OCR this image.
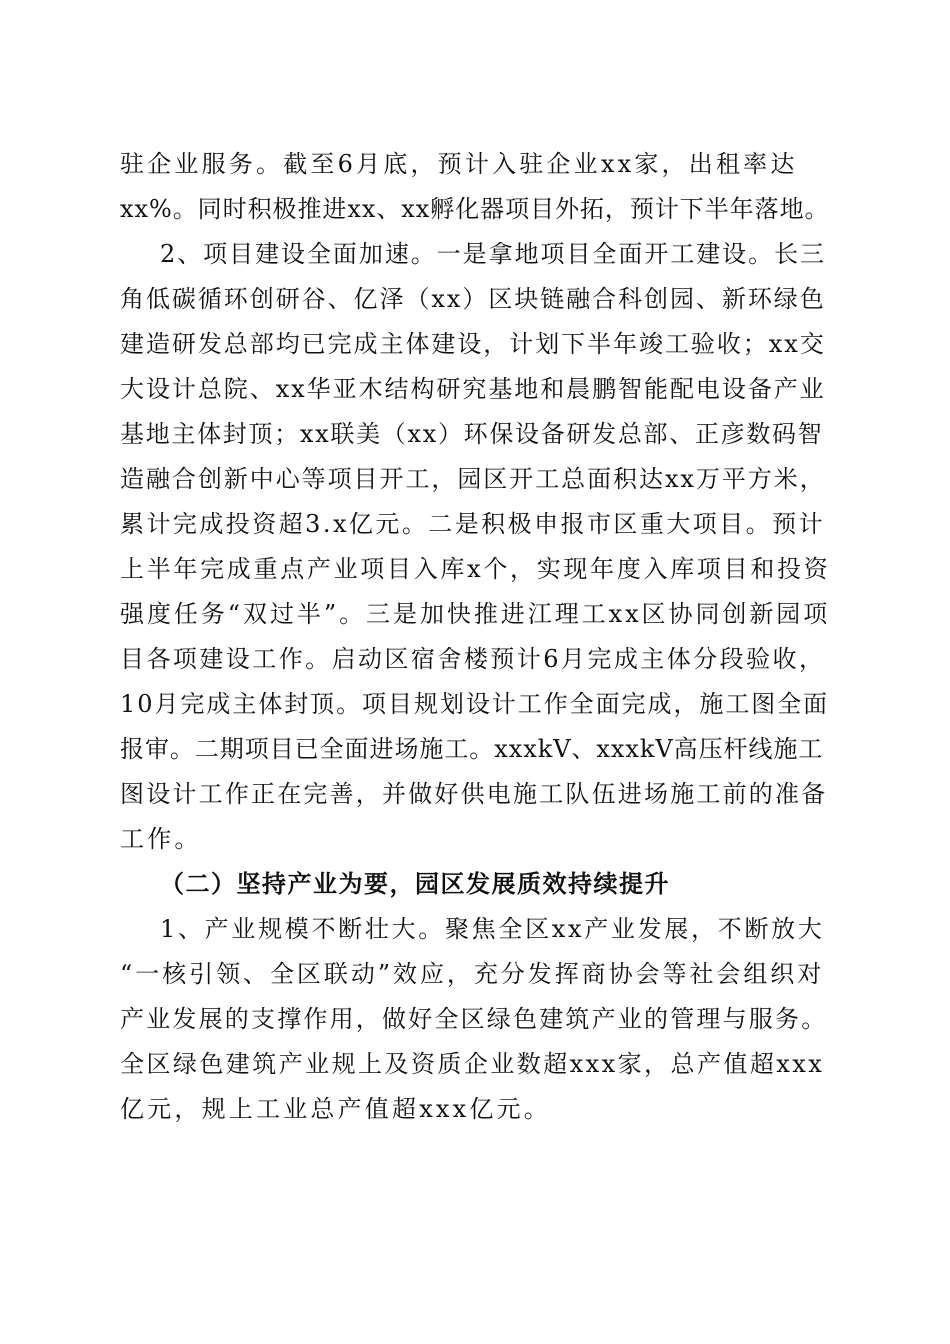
驻企业服务。截至6月底，预计入驻企业xx家，出租率达
xx%。同时积极推进xx、xx孵化器项目外拓，预计下半年落地。
2、项目建设全面加速。一是拿地项目全面开工建设。长三
角低碳循环创研谷、亿泽（xx）区块链融合科创园、新环绿色
建造研发总部均已完成主体建设，计划下半年竣工验收；xx交
大设计总院、xx华亚木结构研究基地和晨鹏智能配电设备产业
基地主体封顶；xx联美（xx）环保设备研发总部、正彦数码智
造融合创新中心等项目开工，园区开工总面积达xx万平方米，
累计完成投资超3.x亿元。二是积极申报市区重大项目。预计
上半年完成重点产业项目入库x个，实现年度入库项目和投资
强度任务“双过半”。三是加快推进江理工xx区协同创新园项
目各项建设工作。启动区宿舍楼预计6月完成主体分段验收，
10月完成主体封顶。项目规划设计工作全面完成，施工图全面
报审。二期项目已全面进场施工。xxxkV、xxxkV高压杆线施工
图设计工作正在完善，并做好供电施工队伍进场施工前的准备
工作。
（二）坚持产业为要，园区发展质效持续提升
1、产业规模不断壮大。聚焦全区xx产业发展，不断放大
“一核引领、全区联动”效应，充分发挥商协会等社会组织对
产业发展的支撑作用，做好全区绿色建筑产业的管理与服务。
全区绿色建筑产业规上及资质企业数超xxx家，总产值超xxx
亿元，规上工业总产值超xxx亿元。
